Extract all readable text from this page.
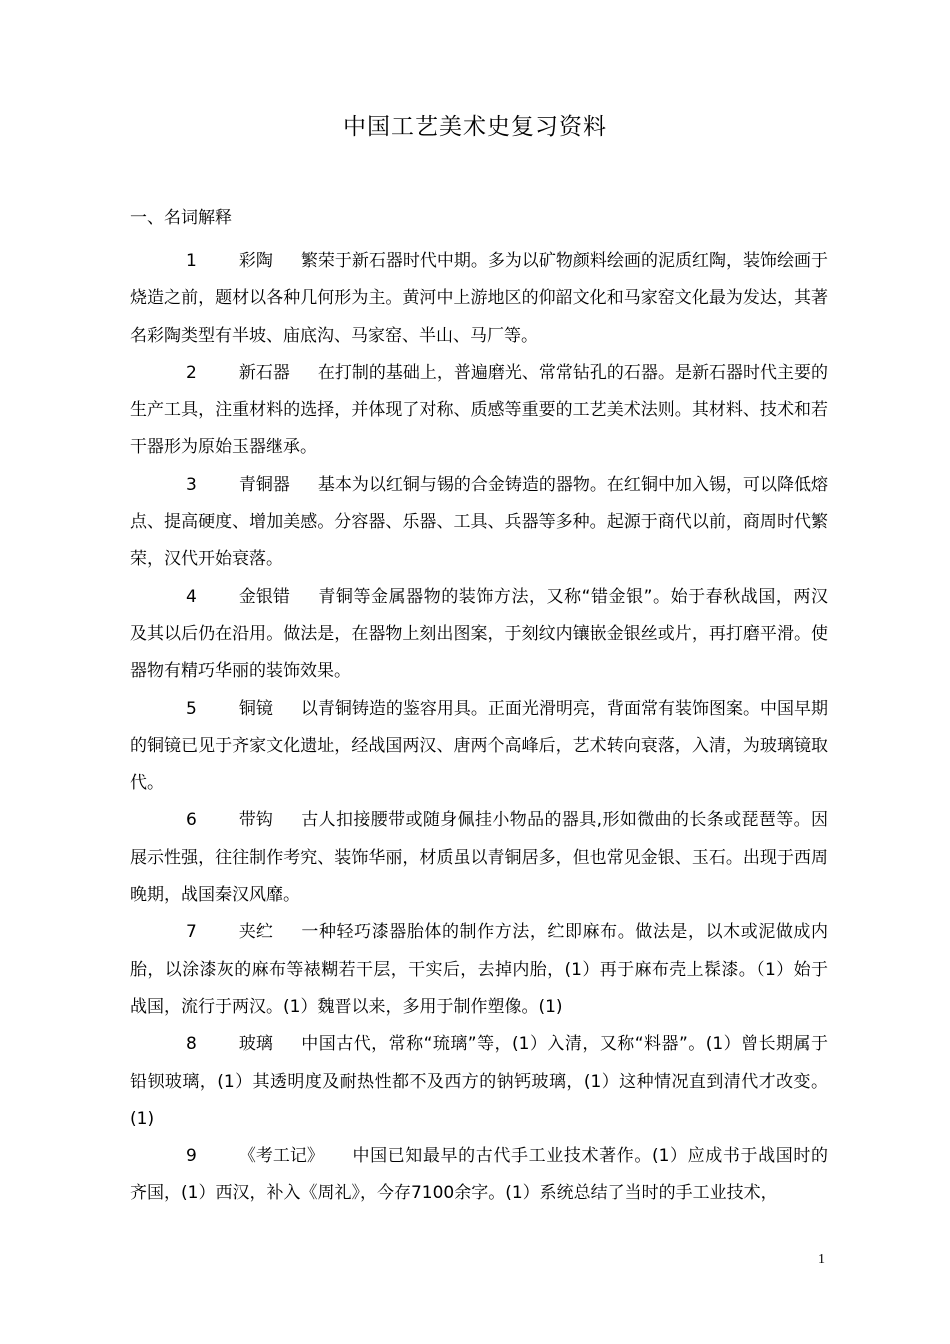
中国工艺美术史复习资料
一、名词解释

1 彩陶 繁荣于新石器时代中期。多为以矿物颜料绘画的泥质红陶，装饰绘画于烧造之前，题材以各种几何形为主。黄河中上游地区的仰韶文化和马家窑文化最为发达，其著名彩陶类型有半坡、庙底沟、马家窑、半山、马厂等。

2 新石器 在打制的基础上，普遍磨光、常常钻孔的石器。是新石器时代主要的生产工具，注重材料的选择，并体现了对称、质感等重要的工艺美术法则。其材料、技术和若干器形为原始玉器继承。

3 青铜器 基本为以红铜与锡的合金铸造的器物。在红铜中加入锡，可以降低熔点、提高硬度、增加美感。分容器、乐器、工具、兵器等多种。起源于商代以前，商周时代繁荣，汉代开始衰落。

4 金银错 青铜等金属器物的装饰方法，又称“错金银”。始于春秋战国，两汉及其以后仍在沿用。做法是，在器物上刻出图案，于刻纹内镶嵌金银丝或片，再打磨平滑。使器物有精巧华丽的装饰效果。

5 铜镜 以青铜铸造的鉴容用具。正面光滑明亮，背面常有装饰图案。中国早期的铜镜已见于齐家文化遗址，经战国两汉、唐两个高峰后，艺术转向衰落，入清，为玻璃镜取代。

6 带钩 古人扣接腰带或随身佩挂小物品的器具,形如微曲的长条或琵琶等。因展示性强，往往制作考究、装饰华丽，材质虽以青铜居多，但也常见金银、玉石。出现于西周晚期，战国秦汉风靡。

7 夹纻 一种轻巧漆器胎体的制作方法，纻即麻布。做法是，以木或泥做成内胎，以涂漆灰的麻布等裱糊若干层，干实后，去掉内胎，(1）再于麻布壳上髹漆。（1）始于战国，流行于两汉。(1）魏晋以来，多用于制作塑像。(1)

8 玻璃 中国古代，常称“琉璃”等，(1）入清，又称“料器”。(1）曾长期属于铅钡玻璃，(1）其透明度及耐热性都不及西方的钠钙玻璃，(1）这种情况直到清代才改变。(1)

9 《考工记》 中国已知最早的古代手工业技术著作。(1）应成书于战国时的齐国，(1）西汉，补入《周礼》，今存7100余字。(1）系统总结了当时的手工业技术，

1
